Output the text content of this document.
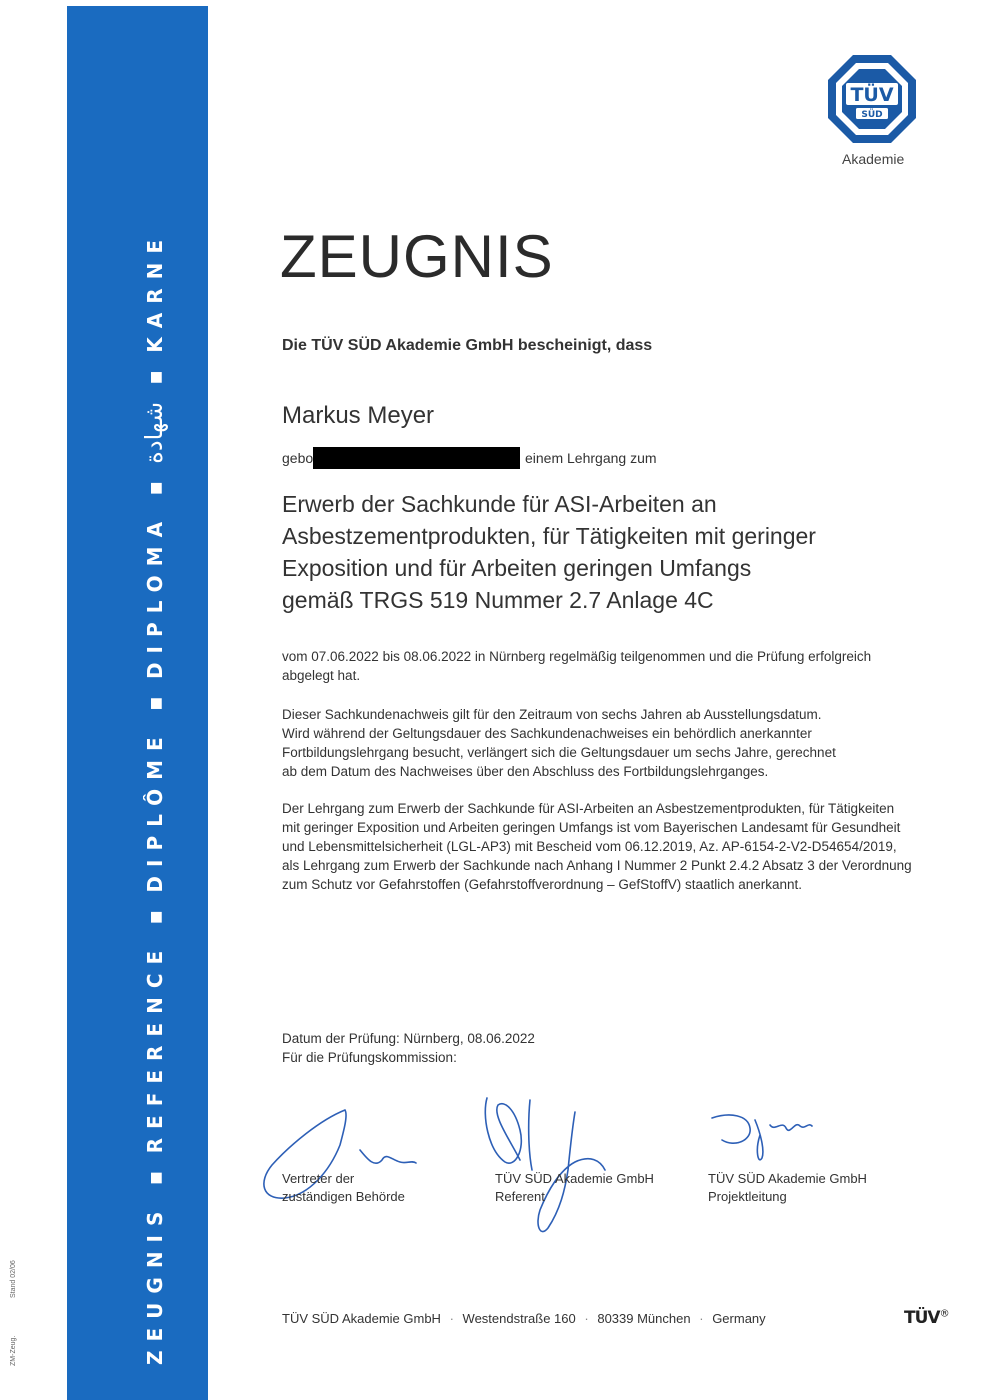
ZEUGNIS■REFERENCE■DIPLÔME■DIPLOMA■شهادة■KARNE
ZM-Zeug.
Stand 02/06
TÜV
SÜD
Akademie
ZEUGNIS
Die TÜV SÜD Akademie GmbH bescheinigt, dass
Markus Meyer
gebo	einem Lehrgang zum
Erwerb der Sachkunde für ASI-Arbeiten an
Asbestzementprodukten, für Tätigkeiten mit geringer
Exposition und für Arbeiten geringen Umfangs
gemäß TRGS 519 Nummer 2.7 Anlage 4C
vom 07.06.2022 bis 08.06.2022 in Nürnberg regelmäßig teilgenommen und die Prüfung erfolgreich
abgelegt hat.
Dieser Sachkundenachweis gilt für den Zeitraum von sechs Jahren ab Ausstellungsdatum.
Wird während der Geltungsdauer des Sachkundenachweises ein behördlich anerkannter
Fortbildungslehrgang besucht, verlängert sich die Geltungsdauer um sechs Jahre, gerechnet
ab dem Datum des Nachweises über den Abschluss des Fortbildungslehrganges.
Der Lehrgang zum Erwerb der Sachkunde für ASI-Arbeiten an Asbestzementprodukten, für Tätigkeiten
mit geringer Exposition und Arbeiten geringen Umfangs ist vom Bayerischen Landesamt für Gesundheit
und Lebensmittelsicherheit (LGL-AP3) mit Bescheid vom 06.12.2019, Az. AP-6154-2-V2-D54654/2019,
als Lehrgang zum Erwerb der Sachkunde nach Anhang I Nummer 2 Punkt 2.4.2 Absatz 3 der Verordnung
zum Schutz vor Gefahrstoffen (Gefahrstoffverordnung – GefStoffV) staatlich anerkannt.
Datum der Prüfung: Nürnberg, 08.06.2022
Für die Prüfungskommission:
Vertreter der
zuständigen Behörde
TÜV SÜD Akademie GmbH
Referent
TÜV SÜD Akademie GmbH
Projektleitung
TÜV SÜD Akademie GmbH · Westendstraße 160 · 80339 München · Germany	TÜV®
